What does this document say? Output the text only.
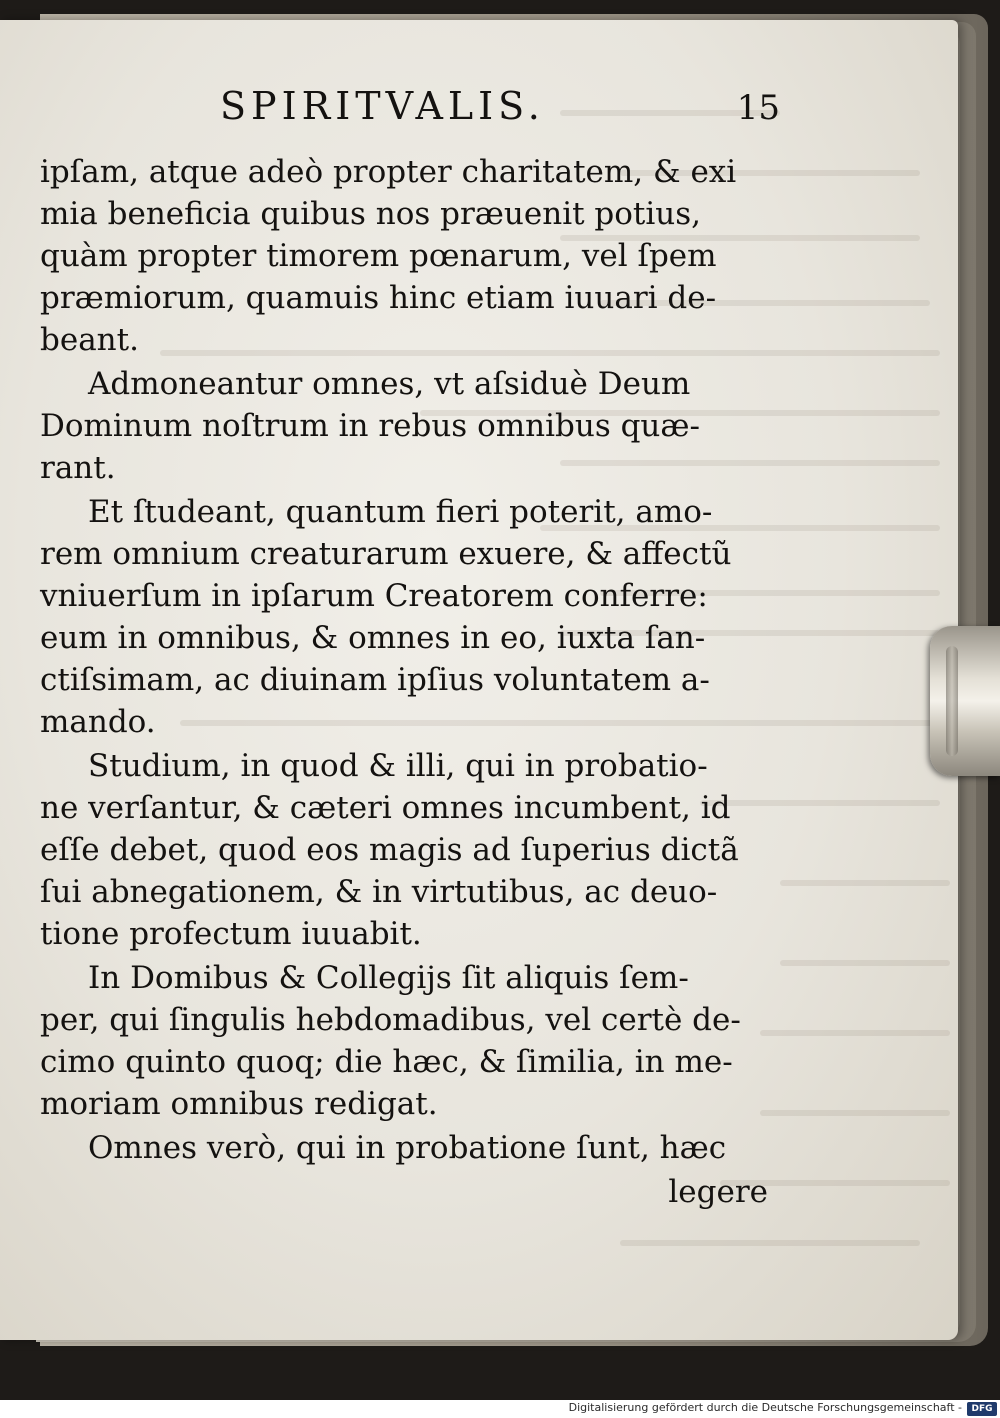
SPIRITVALIS.	15
ipſam, atque adeò propter charitatem, & exi
mia beneficia quibus nos præuenit potius,
quàm propter timorem pœnarum, vel ſpem
præmiorum, quamuis hinc etiam iuuari de-
beant.
Admoneantur omnes, vt aſsiduè Deum
Dominum noſtrum in rebus omnibus quæ-
rant.
Et ſtudeant, quantum fieri poterit, amo-
rem omnium creaturarum exuere, & affectũ
vniuerſum in ipſarum Creatorem conferre:
eum in omnibus, & omnes in eo, iuxta ſan-
ctiſsimam, ac diuinam ipſius voluntatem a-
mando.
Studium, in quod & illi, qui in probatio-
ne verſantur, & cæteri omnes incumbent, id
eſſe debet, quod eos magis ad ſuperius dictã
ſui abnegationem, & in virtutibus, ac deuo-
tione profectum iuuabit.
In Domibus & Collegijs ſit aliquis ſem-
per, qui ſingulis hebdomadibus, vel certè de-
cimo quinto quoq; die hæc, & ſimilia, in me-
moriam omnibus redigat.
Omnes verò, qui in probatione ſunt, hæc
legere
Digitalisierung gefördert durch die Deutsche Forschungsgemeinschaft -	DFG
